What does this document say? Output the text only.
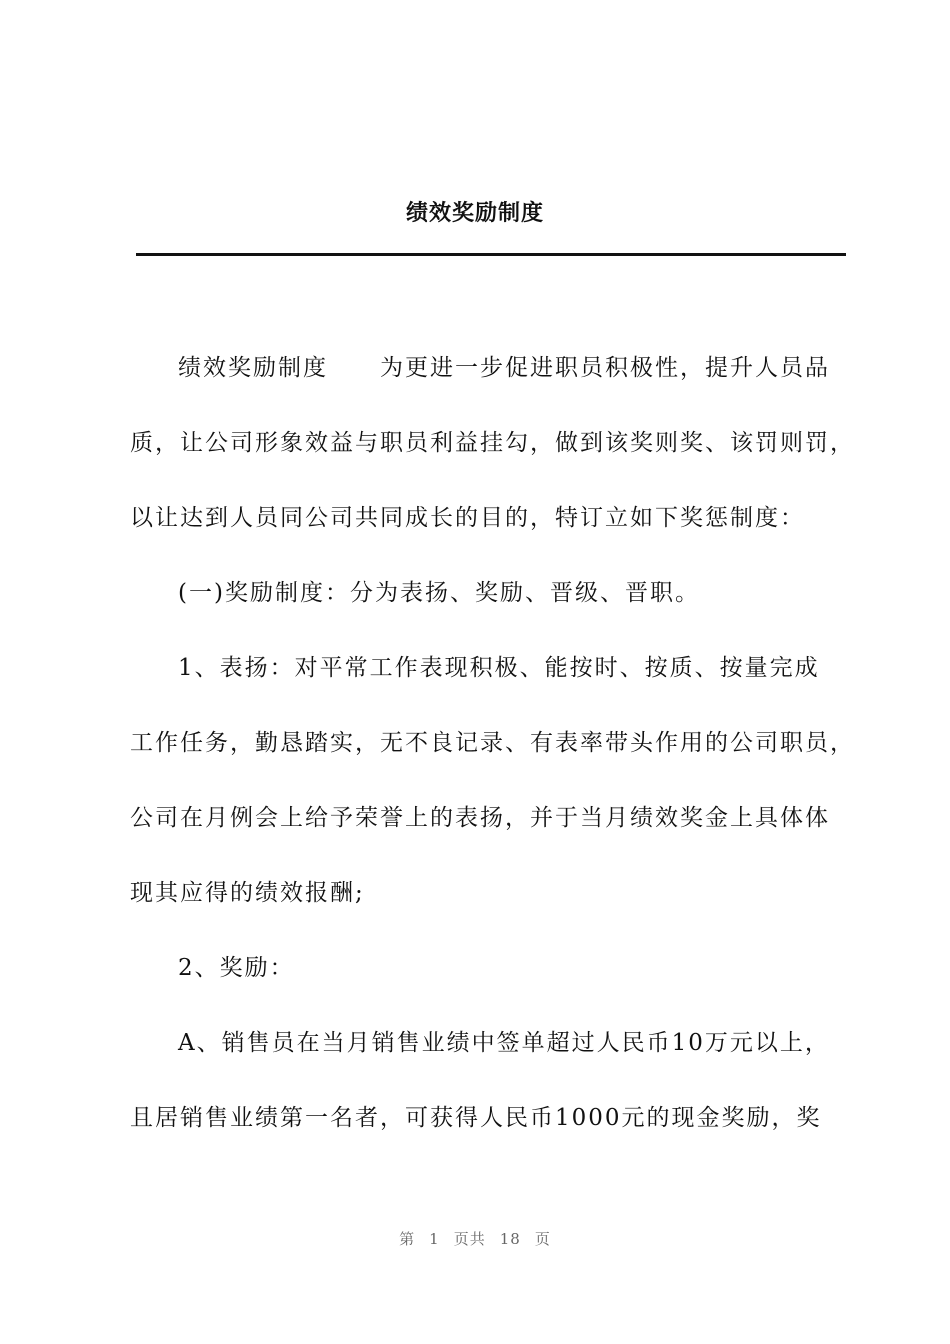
绩效奖励制度
绩效奖励制度 为更进一步促进职员积极性，提升人员品
质，让公司形象效益与职员利益挂勾，做到该奖则奖、该罚则罚，
以让达到人员同公司共同成长的目的，特订立如下奖惩制度：
(一)奖励制度：分为表扬、奖励、晋级、晋职。
1、表扬：对平常工作表现积极、能按时、按质、按量完成
工作任务，勤恳踏实，无不良记录、有表率带头作用的公司职员，
公司在月例会上给予荣誉上的表扬，并于当月绩效奖金上具体体
现其应得的绩效报酬;
2、奖励：
A、销售员在当月销售业绩中签单超过人民币10万元以上，
且居销售业绩第一名者，可获得人民币1000元的现金奖励，奖
第 1 页共 18 页
